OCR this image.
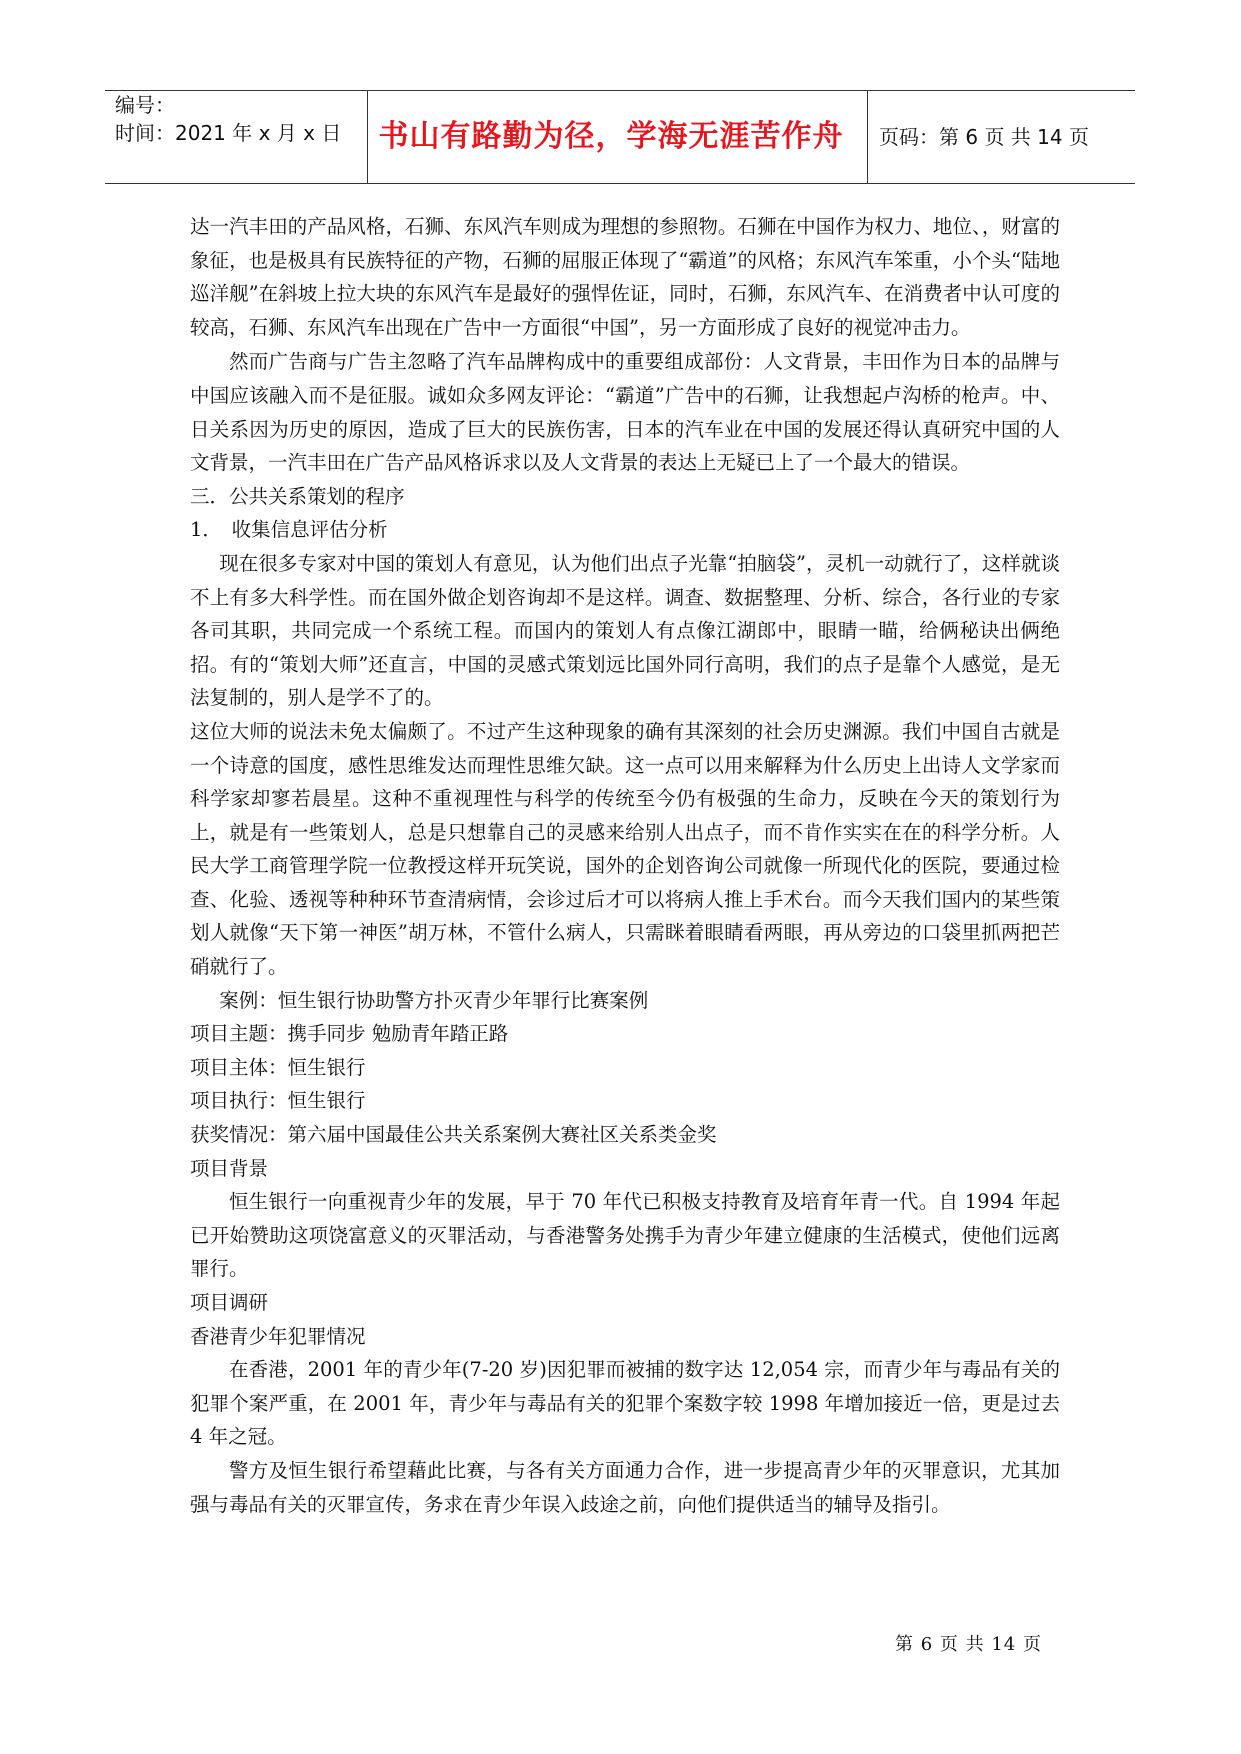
编号：
时间：2021 年 x 月 x 日	书山有路勤为径，学海无涯苦作舟	页码：第 6 页 共 14 页

达一汽丰田的产品风格，石狮、东风汽车则成为理想的参照物。石狮在中国作为权力、地位、，财富的象征，也是极具有民族特征的产物，石狮的屈服正体现了“霸道”的风格；东风汽车笨重，小个头“陆地巡洋舰”在斜坡上拉大块的东风汽车是最好的强悍佐证，同时，石狮，东风汽车、在消费者中认可度的较高，石狮、东风汽车出现在广告中一方面很“中国”，另一方面形成了良好的视觉冲击力。

然而广告商与广告主忽略了汽车品牌构成中的重要组成部份：人文背景，丰田作为日本的品牌与中国应该融入而不是征服。诚如众多网友评论：“霸道”广告中的石狮，让我想起卢沟桥的枪声。中、日关系因为历史的原因，造成了巨大的民族伤害，日本的汽车业在中国的发展还得认真研究中国的人文背景，一汽丰田在广告产品风格诉求以及人文背景的表达上无疑已上了一个最大的错误。

三．公共关系策划的程序

1．　收集信息评估分析

现在很多专家对中国的策划人有意见，认为他们出点子光靠“拍脑袋”，灵机一动就行了，这样就谈不上有多大科学性。而在国外做企划咨询却不是这样。调查、数据整理、分析、综合，各行业的专家各司其职，共同完成一个系统工程。而国内的策划人有点像江湖郎中，眼睛一瞄，给俩秘诀出俩绝招。有的“策划大师”还直言，中国的灵感式策划远比国外同行高明，我们的点子是靠个人感觉，是无法复制的，别人是学不了的。

这位大师的说法未免太偏颇了。不过产生这种现象的确有其深刻的社会历史渊源。我们中国自古就是一个诗意的国度，感性思维发达而理性思维欠缺。这一点可以用来解释为什么历史上出诗人文学家而科学家却寥若晨星。这种不重视理性与科学的传统至今仍有极强的生命力，反映在今天的策划行为上，就是有一些策划人，总是只想靠自己的灵感来给别人出点子，而不肯作实实在在的科学分析。人民大学工商管理学院一位教授这样开玩笑说，国外的企划咨询公司就像一所现代化的医院，要通过检查、化验、透视等种种环节查清病情，会诊过后才可以将病人推上手术台。而今天我们国内的某些策划人就像“天下第一神医”胡万林，不管什么病人，只需眯着眼睛看两眼，再从旁边的口袋里抓两把芒硝就行了。

案例：恒生银行协助警方扑灭青少年罪行比赛案例

项目主题：携手同步 勉励青年踏正路

项目主体：恒生银行

项目执行：恒生银行

获奖情况：第六届中国最佳公共关系案例大赛社区关系类金奖

项目背景

恒生银行一向重视青少年的发展，早于 70 年代已积极支持教育及培育年青一代。自 1994 年起已开始赞助这项饶富意义的灭罪活动，与香港警务处携手为青少年建立健康的生活模式，使他们远离罪行。

项目调研

香港青少年犯罪情况

在香港，2001 年的青少年(7-20 岁)因犯罪而被捕的数字达 12,054 宗，而青少年与毒品有关的犯罪个案严重，在 2001 年，青少年与毒品有关的犯罪个案数字较 1998 年增加接近一倍，更是过去 4 年之冠。

警方及恒生银行希望藉此比赛，与各有关方面通力合作，进一步提高青少年的灭罪意识，尤其加强与毒品有关的灭罪宣传，务求在青少年误入歧途之前，向他们提供适当的辅导及指引。

第 6 页 共 14 页
